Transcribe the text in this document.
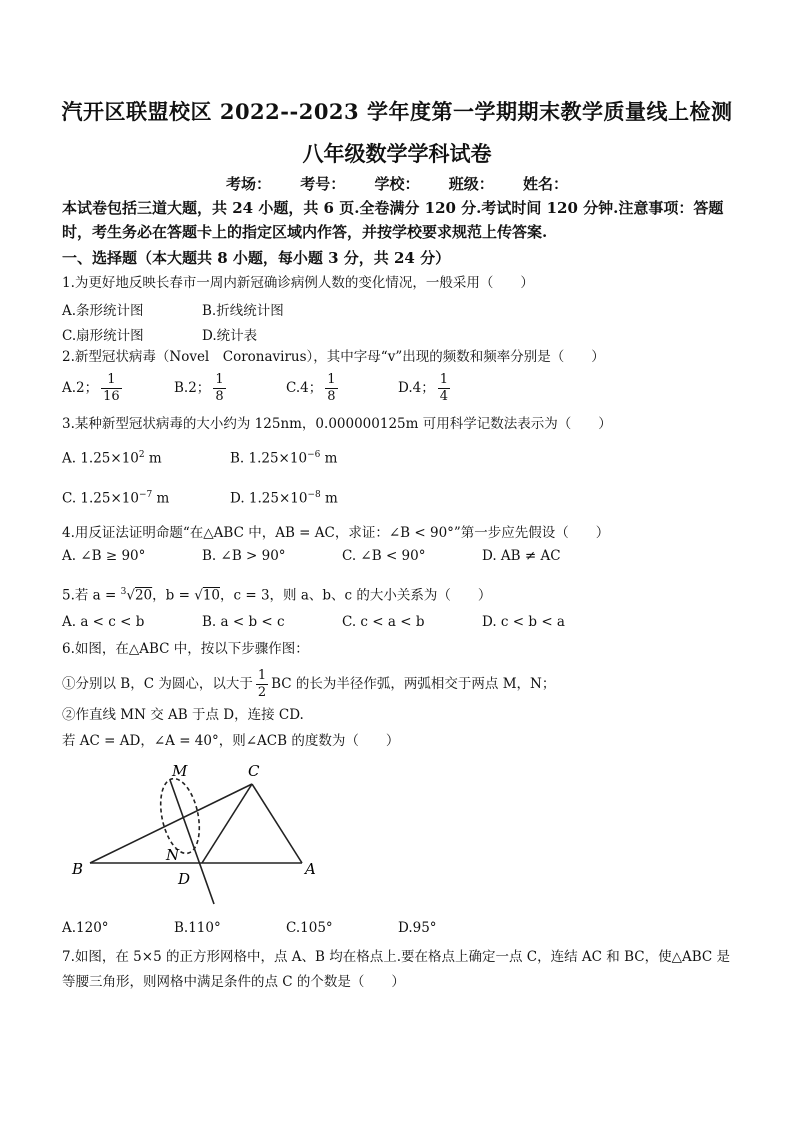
汽开区联盟校区 2022--2023 学年度第一学期期末教学质量线上检测
八年级数学学科试卷
考场： 考号： 学校： 班级： 姓名：
本试卷包括三道大题，共 24 小题，共 6 页.全卷满分 120 分.考试时间 120 分钟.注意事项：答题
时，考生务必在答题卡上的指定区域内作答，并按学校要求规范上传答案.
一、选择题（本大题共 8 小题，每小题 3 分，共 24 分）
1.为更好地反映长春市一周内新冠确诊病例人数的变化情况，一般采用（　　）
A.条形统计图	B.折线统计图
C.扇形统计图	D.统计表
2.新型冠状病毒（Novel　Coronavirus），其中字母“v”出现的频数和频率分别是（　　）
A.2； $\frac{1}{16}$	B.2； $\frac{1}{8}$	C.4； $\frac{1}{8}$	D.4； $\frac{1}{4}$
3.某种新型冠状病毒的大小约为 125nm，0.000000125m 可用科学记数法表示为（　　）
A. $1.25\times 10^2$ m	B. $1.25\times 10^{-6}$ m
C. $1.25\times 10^{-7}$ m	D. $1.25\times 10^{-8}$ m
4.用反证法证明命题“在△ABC 中，AB = AC，求证：∠B < 90°”第一步应先假设（　　）
A. ∠B ≥ 90°	B. ∠B > 90°	C. ∠B < 90°	D. AB ≠ AC
5.若 a = $^3$√20，b = √10，c = 3，则 a、b、c 的大小关系为（　　）
A. a < c < b	B. a < b < c	C. c < a < b	D. c < b < a
6.如图，在△ABC 中，按以下步骤作图：
①分别以 B，C 为圆心，以大于 $\frac{1}{2}$ BC 的长为半径作弧，两弧相交于两点 M，N；
②作直线 MN 交 AB 于点 D，连接 CD.
若 AC = AD，∠A = 40°，则∠ACB 的度数为（　　）
M	C
N
B
D
A
A.120°	B.110°	C.105°	D.95°
7.如图，在 5×5 的正方形网格中，点 A、B 均在格点上.要在格点上确定一点 C，连结 AC 和 BC，使△ABC 是
等腰三角形，则网格中满足条件的点 C 的个数是（　　）
